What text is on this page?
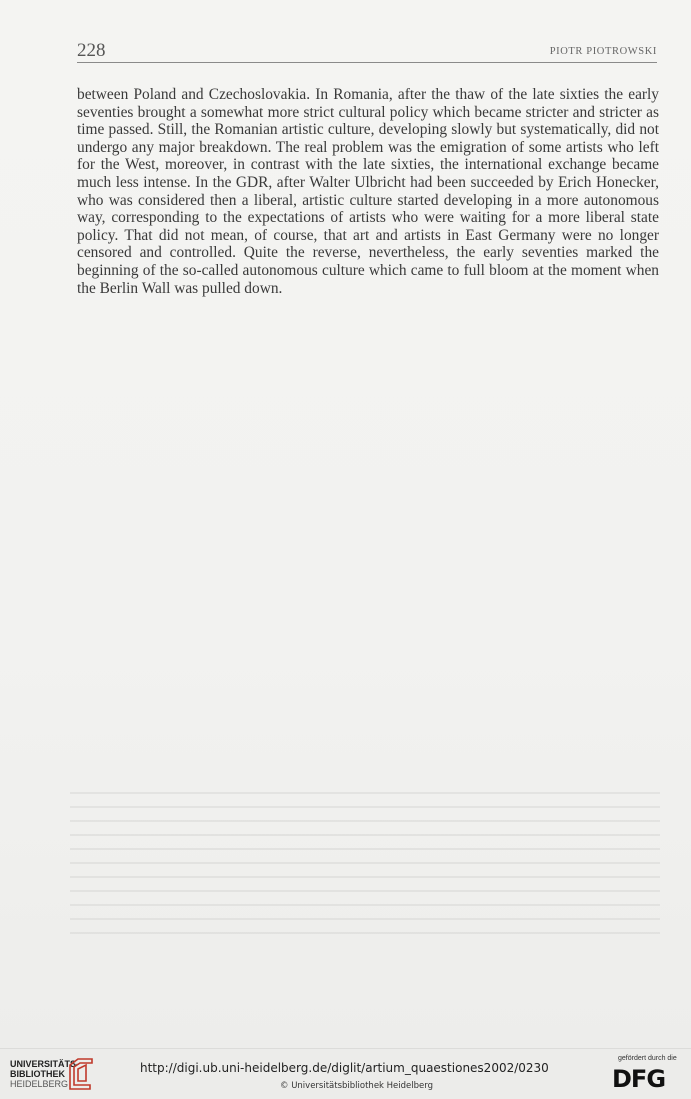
228	PIOTR PIOTROWSKI

between Poland and Czechoslovakia. In Romania, after the thaw of the late sixties the early seventies brought a somewhat more strict cultural policy which became stricter and stricter as time passed. Still, the Romanian artistic culture, developing slowly but systematically, did not undergo any major breakdown. The real problem was the emigration of some artists who left for the West, moreover, in contrast with the late sixties, the international exchange became much less intense. In the GDR, after Walter Ulbricht had been succeeded by Erich Honecker, who was considered then a liberal, artistic culture started developing in a more autonomous way, corresponding to the expectations of artists who were waiting for a more liberal state policy. That did not mean, of course, that art and artists in East Germany were no longer censored and controlled. Quite the reverse, nevertheless, the early seventies marked the beginning of the so-called autonomous culture which came to full bloom at the moment when the Berlin Wall was pulled down.

UNIVERSITÄTS-
BIBLIOTHEK
HEIDELBERG
http://digi.ub.uni-heidelberg.de/diglit/artium_quaestiones2002/0230
© Universitätsbibliothek Heidelberg
gefördert durch die
DFG
